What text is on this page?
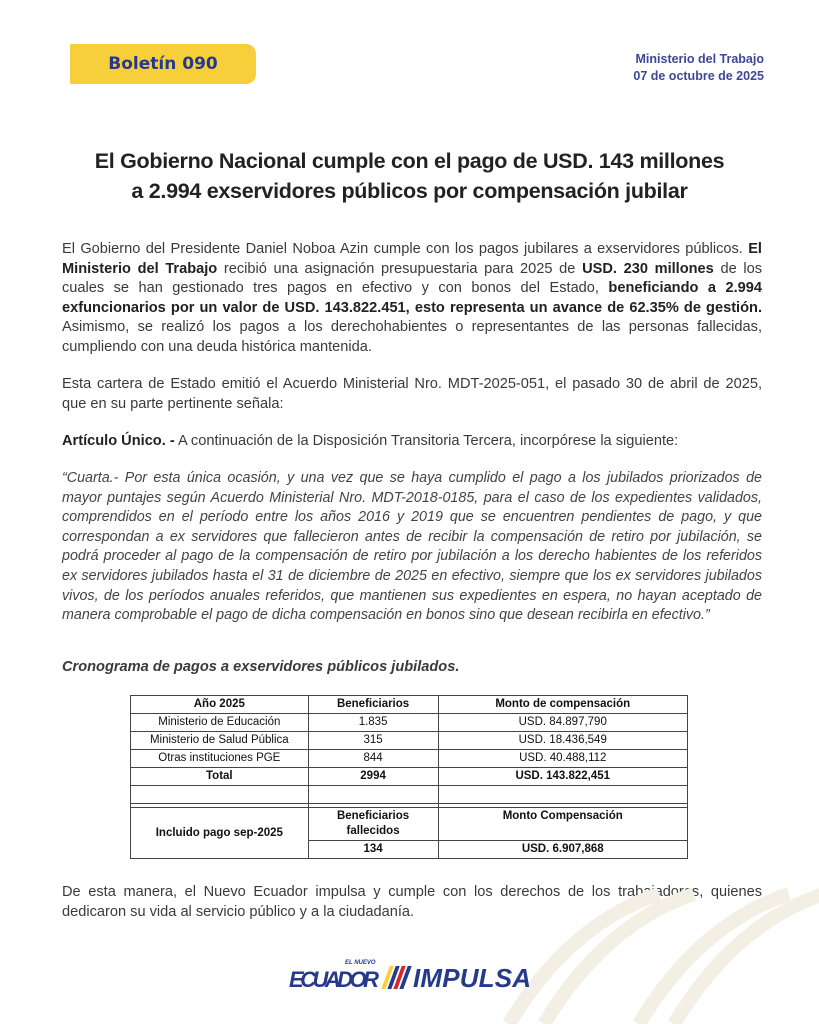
Boletín 090	Ministerio del Trabajo
07 de octubre de 2025
El Gobierno Nacional cumple con el pago de USD. 143 millones
a 2.994 exservidores públicos por compensación jubilar

El Gobierno del Presidente Daniel Noboa Azin cumple con los pagos jubilares a exservidores públicos. El Ministerio del Trabajo recibió una asignación presupuestaria para 2025 de USD. 230 millones de los cuales se han gestionado tres pagos en efectivo y con bonos del Estado, beneficiando a 2.994 exfuncionarios por un valor de USD. 143.822.451, esto representa un avance de 62.35% de gestión. Asimismo, se realizó los pagos a los derechohabientes o representantes de las personas fallecidas, cumpliendo con una deuda histórica mantenida.

Esta cartera de Estado emitió el Acuerdo Ministerial Nro. MDT-2025-051, el pasado 30 de abril de 2025, que en su parte pertinente señala:

Artículo Único. - A continuación de la Disposición Transitoria Tercera, incorpórese la siguiente:

“Cuarta.- Por esta única ocasión, y una vez que se haya cumplido el pago a los jubilados priorizados de mayor puntajes según Acuerdo Ministerial Nro. MDT-2018-0185, para el caso de los expedientes validados, comprendidos en el período entre los años 2016 y 2019 que se encuentren pendientes de pago, y que correspondan a ex servidores que fallecieron antes de recibir la compensación de retiro por jubilación, se podrá proceder al pago de la compensación de retiro por jubilación a los derecho habientes de los referidos ex servidores jubilados hasta el 31 de diciembre de 2025 en efectivo, siempre que los ex servidores jubilados vivos, de los períodos anuales referidos, que mantienen sus expedientes en espera, no hayan aceptado de manera comprobable el pago de dicha compensación en bonos sino que desean recibirla en efectivo.”

Cronograma de pagos a exservidores públicos jubilados.

Año 2025	Beneficiarios	Monto de compensación
Ministerio de Educación	1.835	USD. 84.897,790
Ministerio de Salud Pública	315	USD. 18.436,549
Otras instituciones PGE	844	USD. 40.488,112
Total	2994	USD. 143.822,451

Incluido pago sep-2025	Beneficiarios fallecidos	Monto Compensación
	134	USD. 6.907,868

De esta manera, el Nuevo Ecuador impulsa y cumple con los derechos de los trabajadores, quienes dedicaron su vida al servicio público y a la ciudadanía.

EL NUEVO
ECUADOR IMPULSA
